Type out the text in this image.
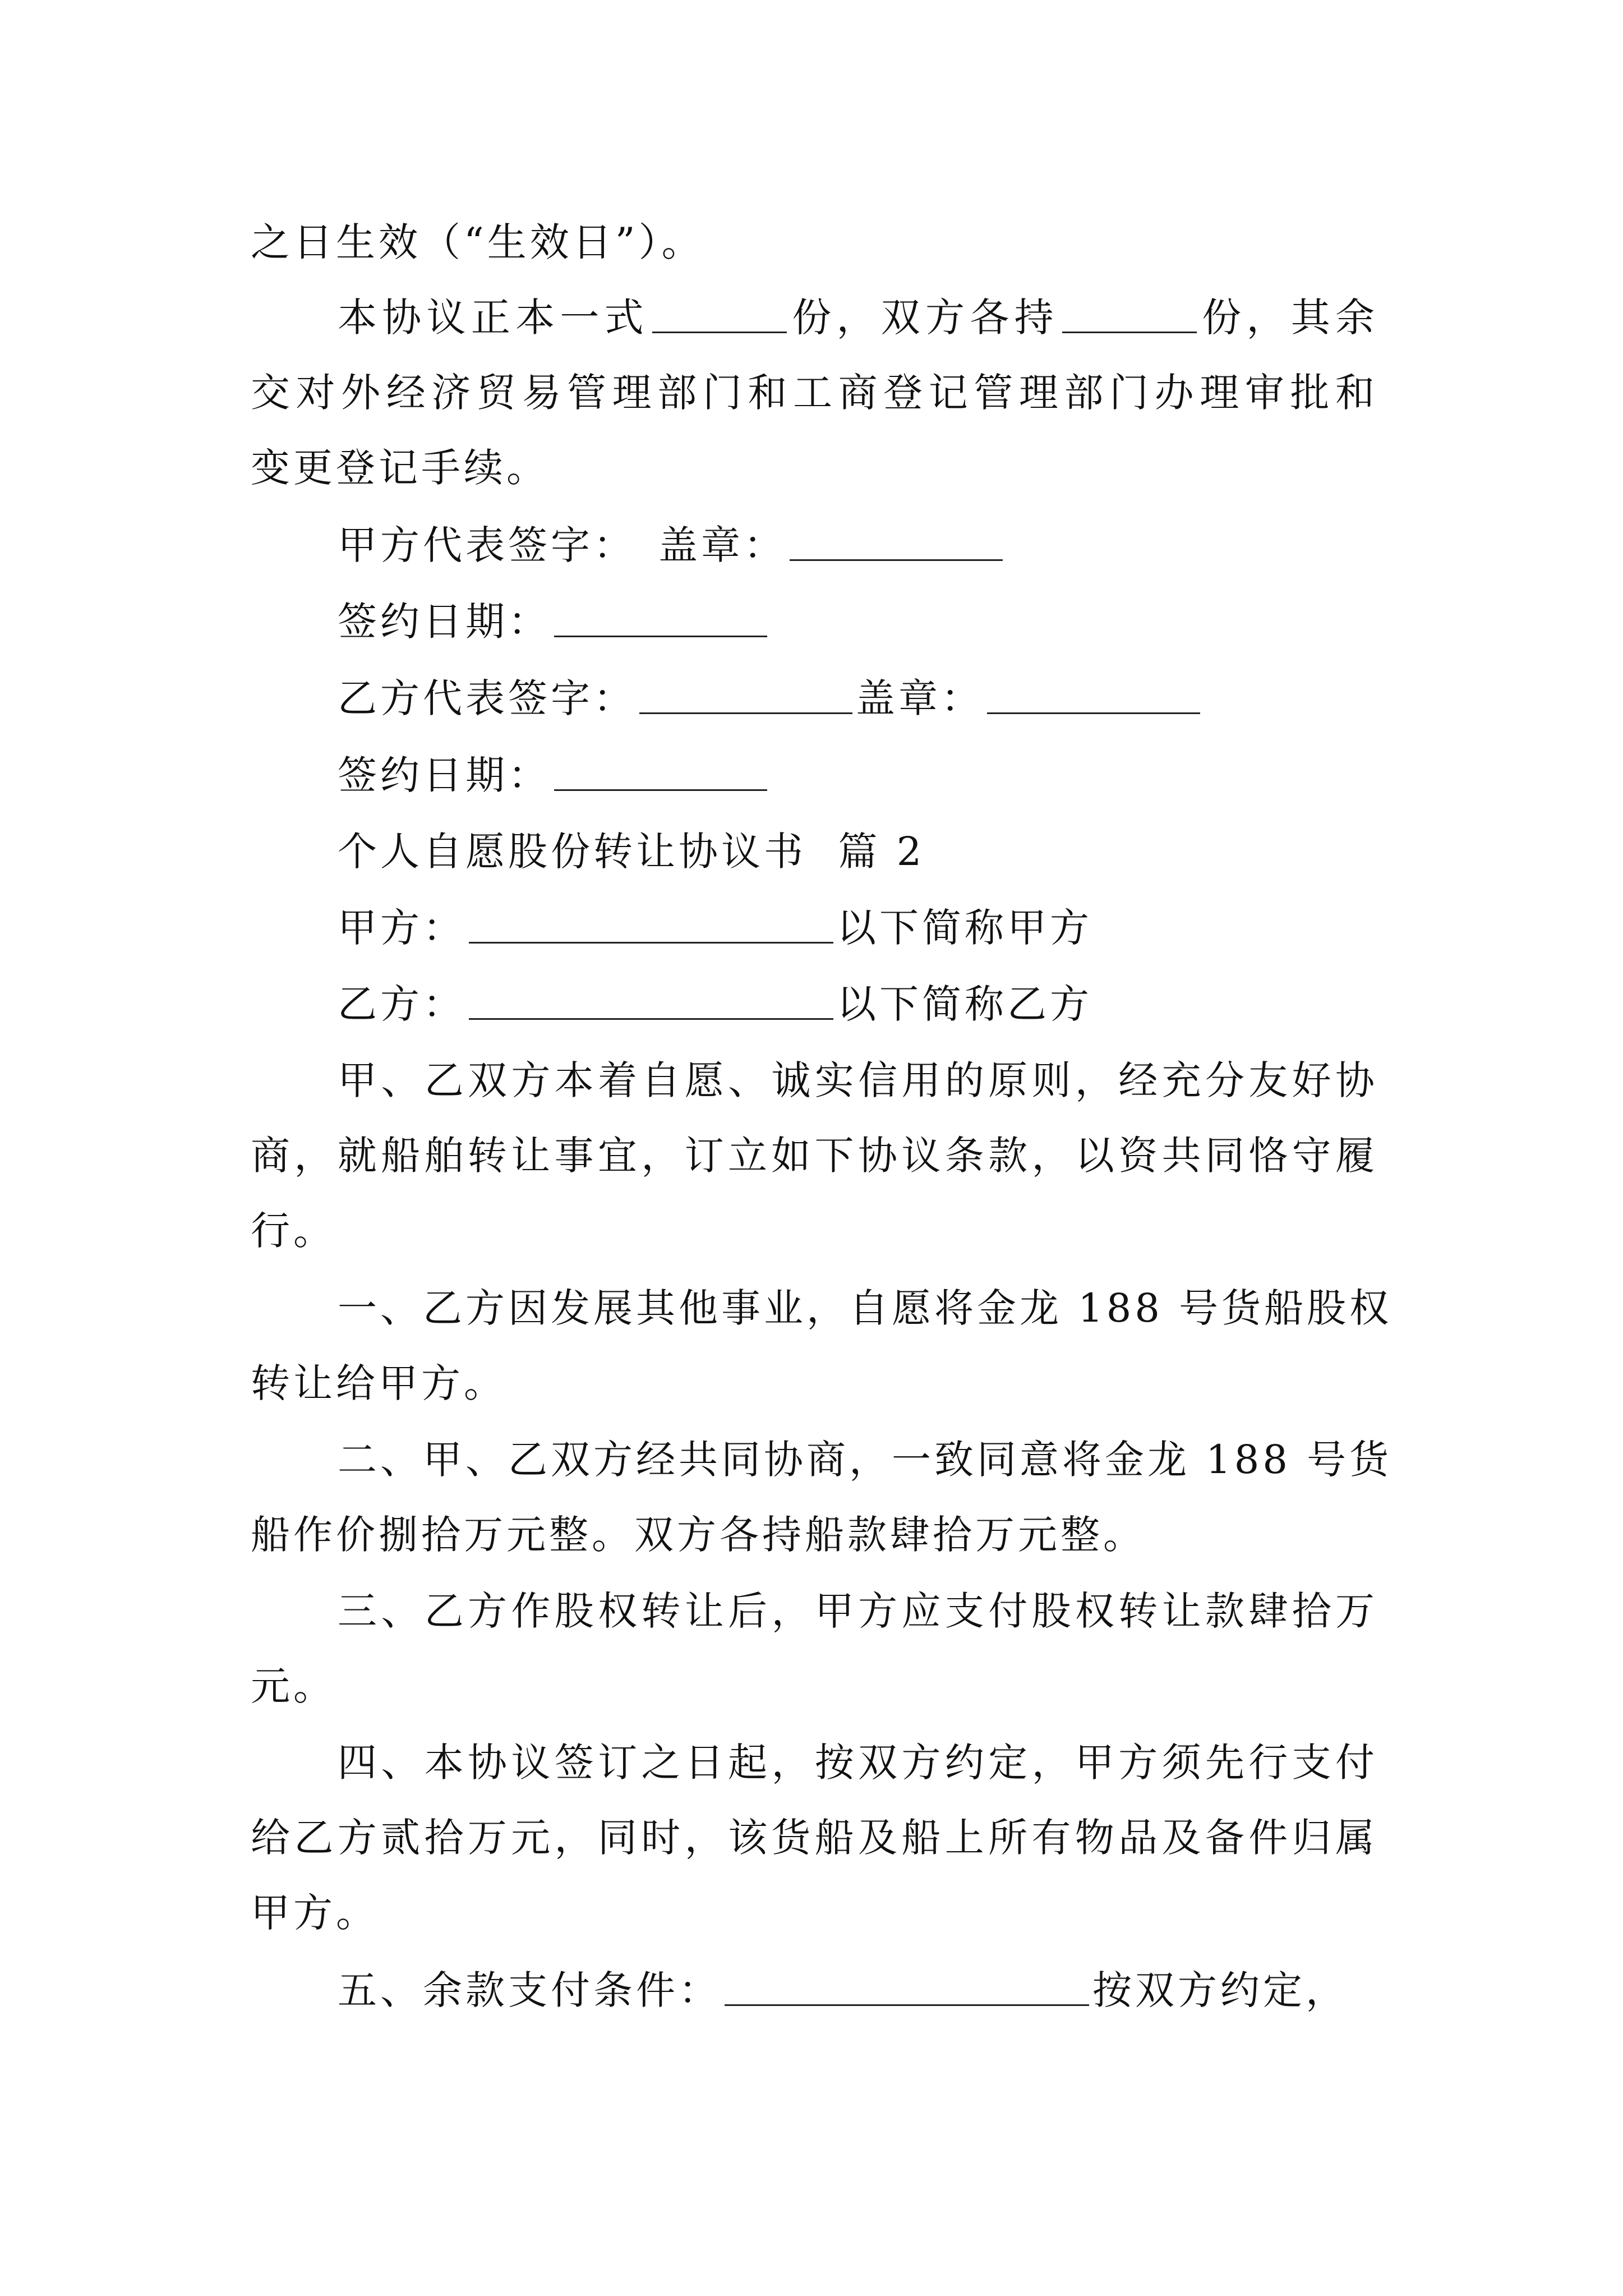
之日生效（“生效日”）。
本协议正本一式	份，双方各持	份，其余
交对外经济贸易管理部门和工商登记管理部门办理审批和
变更登记手续。
甲方代表签字： 盖章：
签约日期：
乙方代表签字：	盖章：
签约日期：
个人自愿股份转让协议书  篇 2
甲方：	以下简称甲方
乙方：	以下简称乙方
甲、乙双方本着自愿、诚实信用的原则，经充分友好协
商，就船舶转让事宜，订立如下协议条款，以资共同恪守履
行。
一、乙方因发展其他事业，自愿将金龙 188 号货船股权
转让给甲方。
二、甲、乙双方经共同协商，一致同意将金龙 188 号货
船作价捌拾万元整。双方各持船款肆拾万元整。
三、乙方作股权转让后，甲方应支付股权转让款肆拾万
元。
四、本协议签订之日起，按双方约定，甲方须先行支付
给乙方贰拾万元，同时，该货船及船上所有物品及备件归属
甲方。
五、余款支付条件：	按双方约定，
